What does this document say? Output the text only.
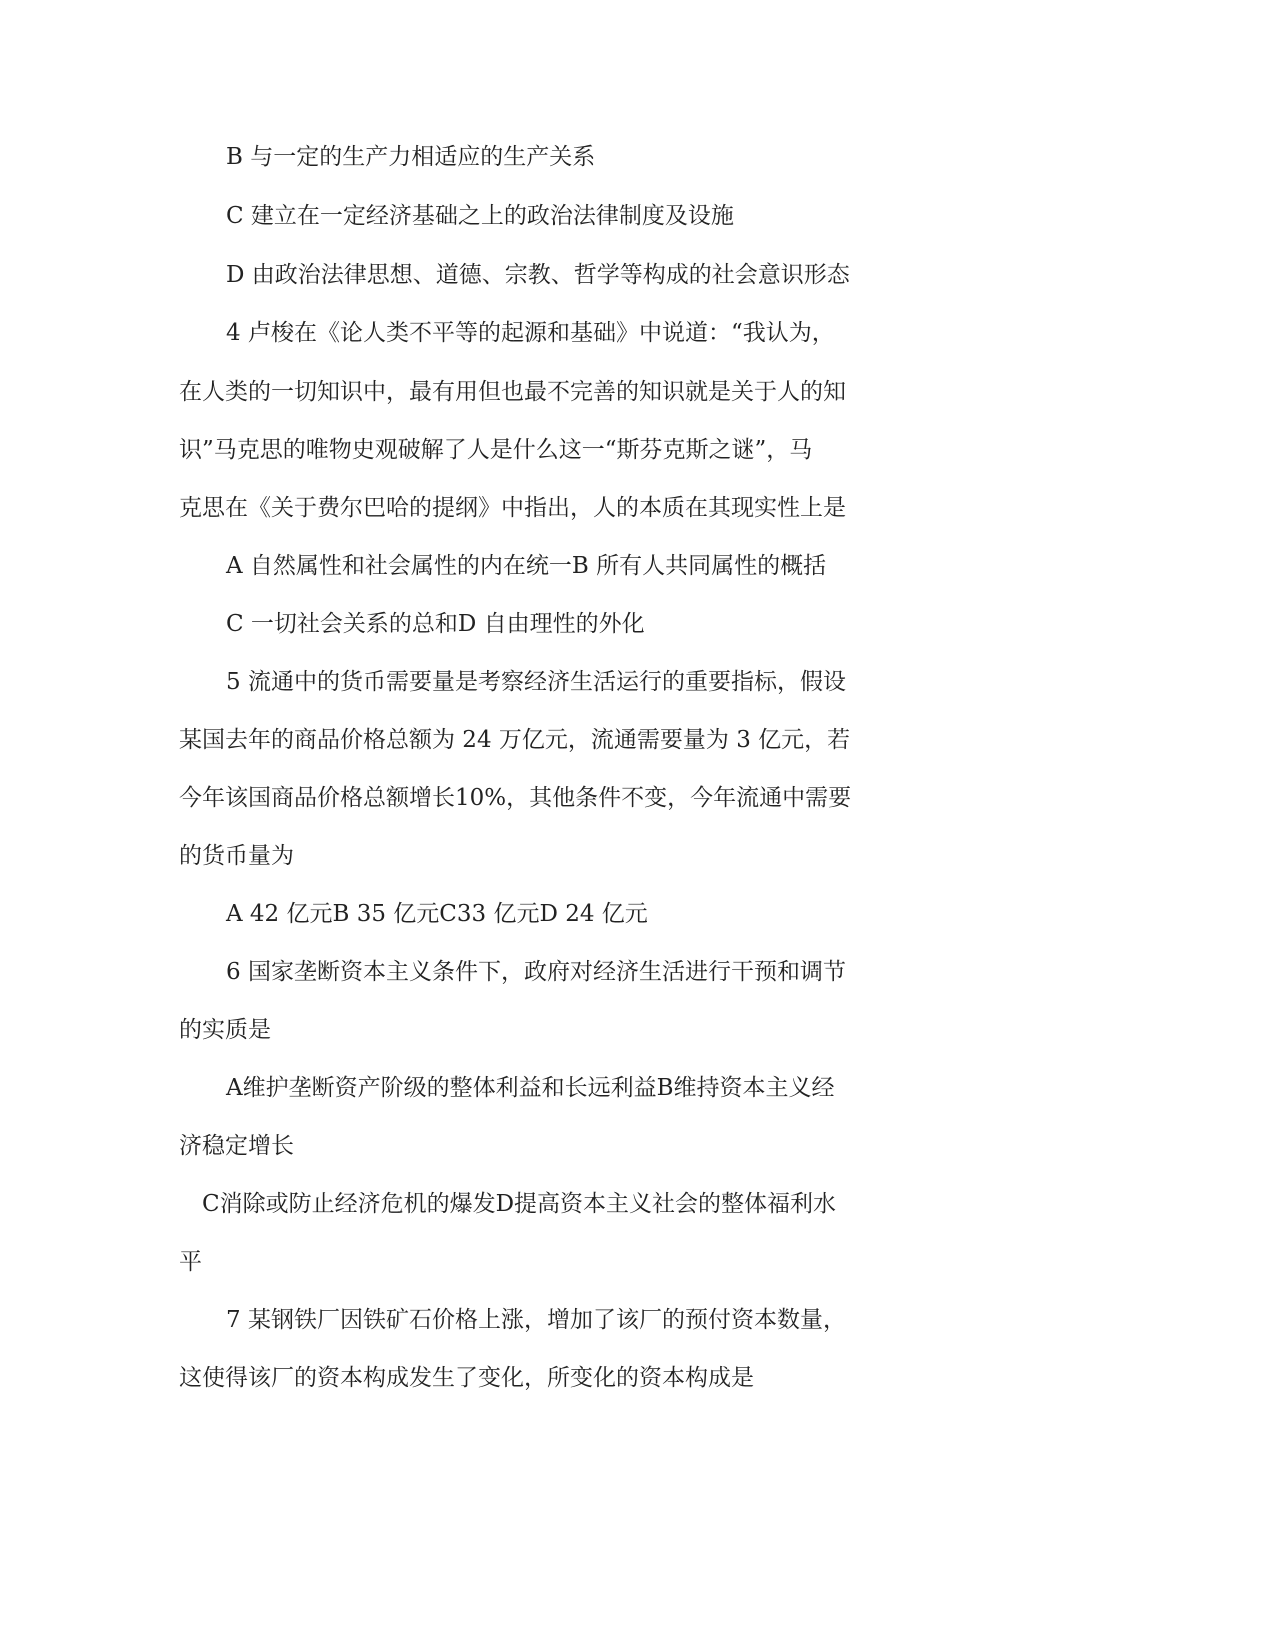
B 与一定的生产力相适应的生产关系
C 建立在一定经济基础之上的政治法律制度及设施
D 由政治法律思想、道德、宗教、哲学等构成的社会意识形态
4 卢梭在《论人类不平等的起源和基础》中说道：“我认为，
在人类的一切知识中，最有用但也最不完善的知识就是关于人的知
识”马克思的唯物史观破解了人是什么这一“斯芬克斯之谜”，马
克思在《关于费尔巴哈的提纲》中指出，人的本质在其现实性上是
A 自然属性和社会属性的内在统一B 所有人共同属性的概括
C 一切社会关系的总和D 自由理性的外化
5 流通中的货币需要量是考察经济生活运行的重要指标，假设
某国去年的商品价格总额为 24 万亿元，流通需要量为 3 亿元，若
今年该国商品价格总额增长10%，其他条件不变，今年流通中需要
的货币量为
A 42 亿元B 35 亿元C33 亿元D 24 亿元
6 国家垄断资本主义条件下，政府对经济生活进行干预和调节
的实质是
A维护垄断资产阶级的整体利益和长远利益B维持资本主义经
济稳定增长
C消除或防止经济危机的爆发D提高资本主义社会的整体福利水
平
7 某钢铁厂因铁矿石价格上涨，增加了该厂的预付资本数量，
这使得该厂的资本构成发生了变化，所变化的资本构成是
